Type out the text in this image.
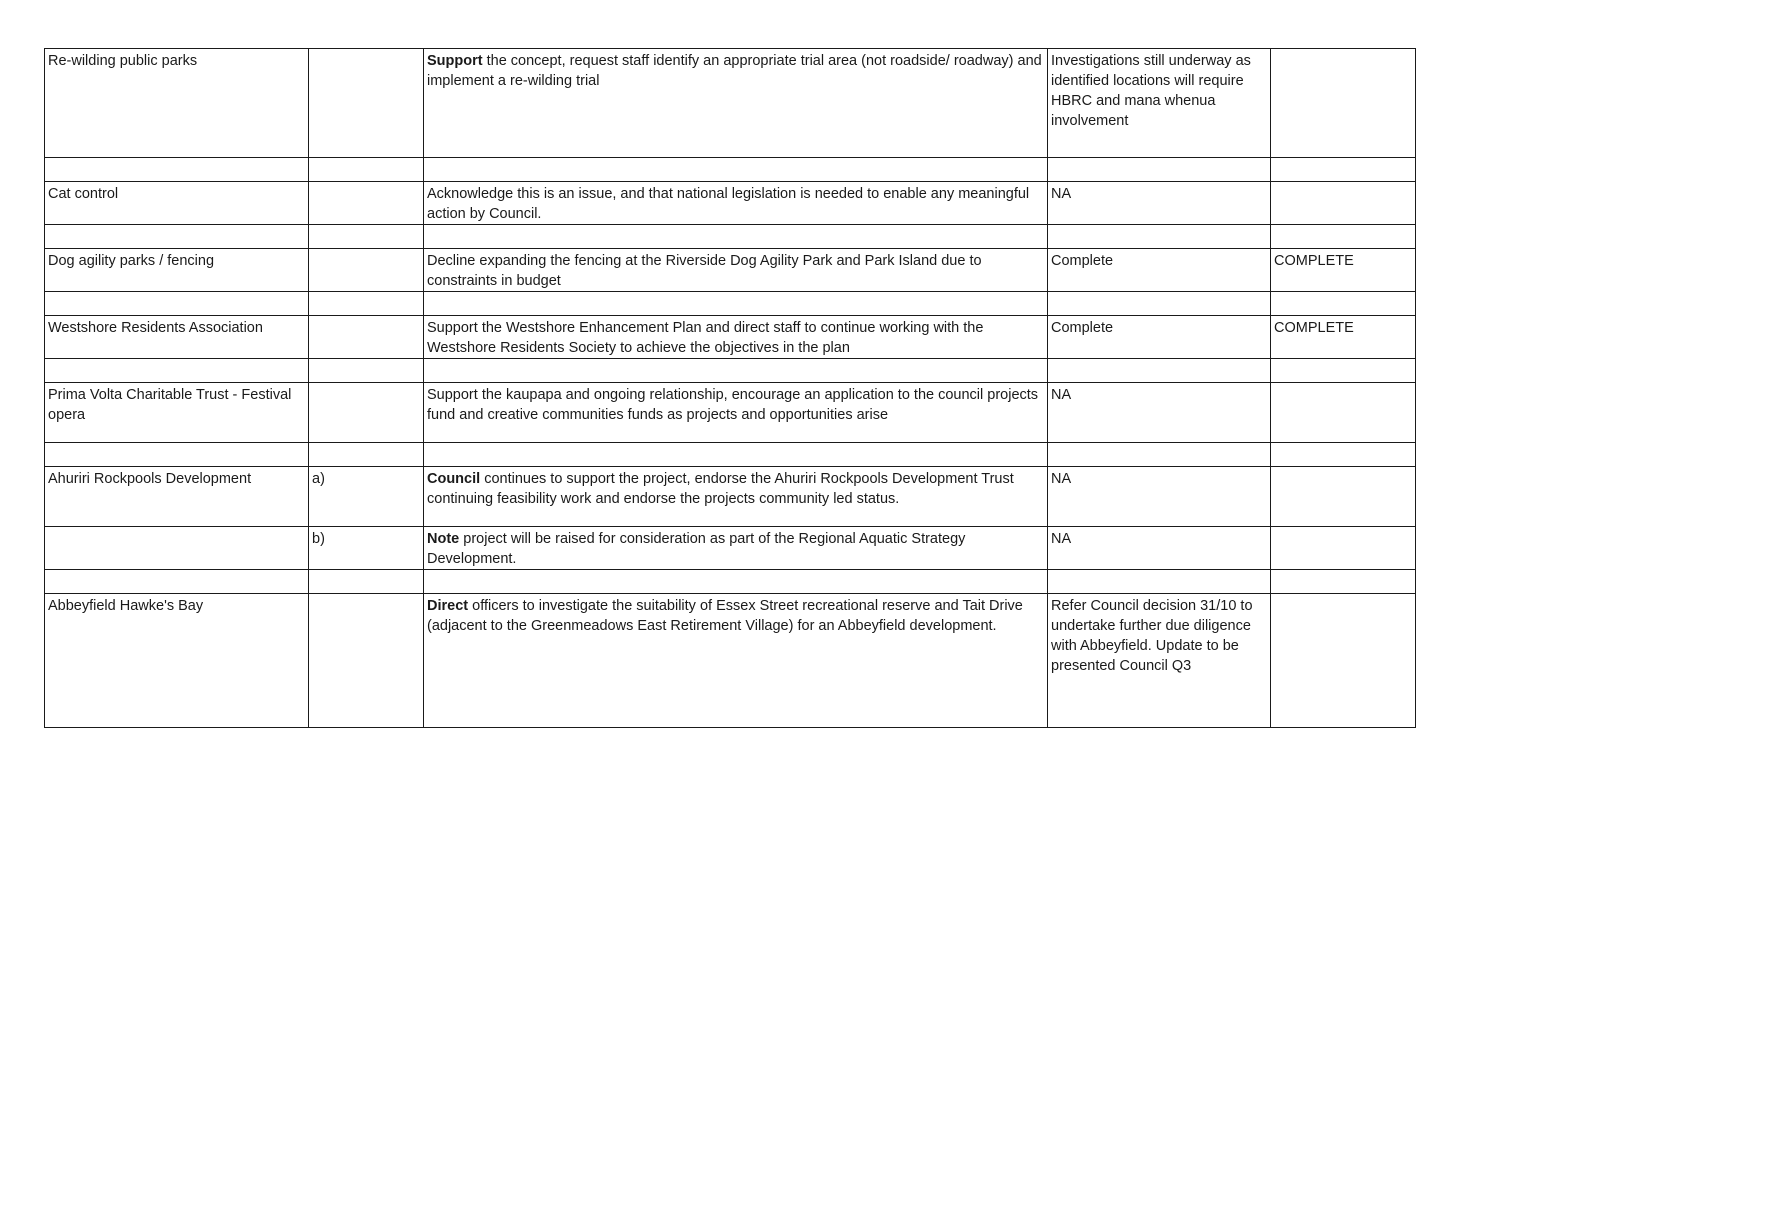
Re-wilding public parks		Support the concept, request staff identify an appropriate trial area (not roadside/ roadway) and implement a re-wilding trial	Investigations still underway as identified locations will require HBRC and mana whenua involvement	

Cat control		Acknowledge this is an issue, and that national legislation is needed to enable any meaningful action by Council.	NA	

Dog agility parks / fencing		Decline expanding the fencing at the Riverside Dog Agility Park and Park Island due to constraints in budget	Complete	COMPLETE

Westshore Residents Association		Support the Westshore Enhancement Plan and direct staff to continue working with the Westshore Residents Society to achieve the objectives in the plan	Complete	COMPLETE

Prima Volta Charitable Trust - Festival opera		Support the kaupapa and ongoing relationship, encourage an application to the council projects fund and creative communities funds as projects and opportunities arise	NA	

Ahuriri Rockpools Development	a)	Council continues to support the project, endorse the Ahuriri Rockpools Development Trust continuing feasibility work and endorse the projects community led status.	NA	
	b)	Note project will be raised for consideration as part of the Regional Aquatic Strategy Development.	NA	

Abbeyfield Hawke's Bay		Direct officers to investigate the suitability of Essex Street recreational reserve and Tait Drive (adjacent to the Greenmeadows East Retirement Village) for an Abbeyfield development.	Refer Council decision 31/10 to undertake further due diligence with Abbeyfield. Update to be presented Council Q3	
